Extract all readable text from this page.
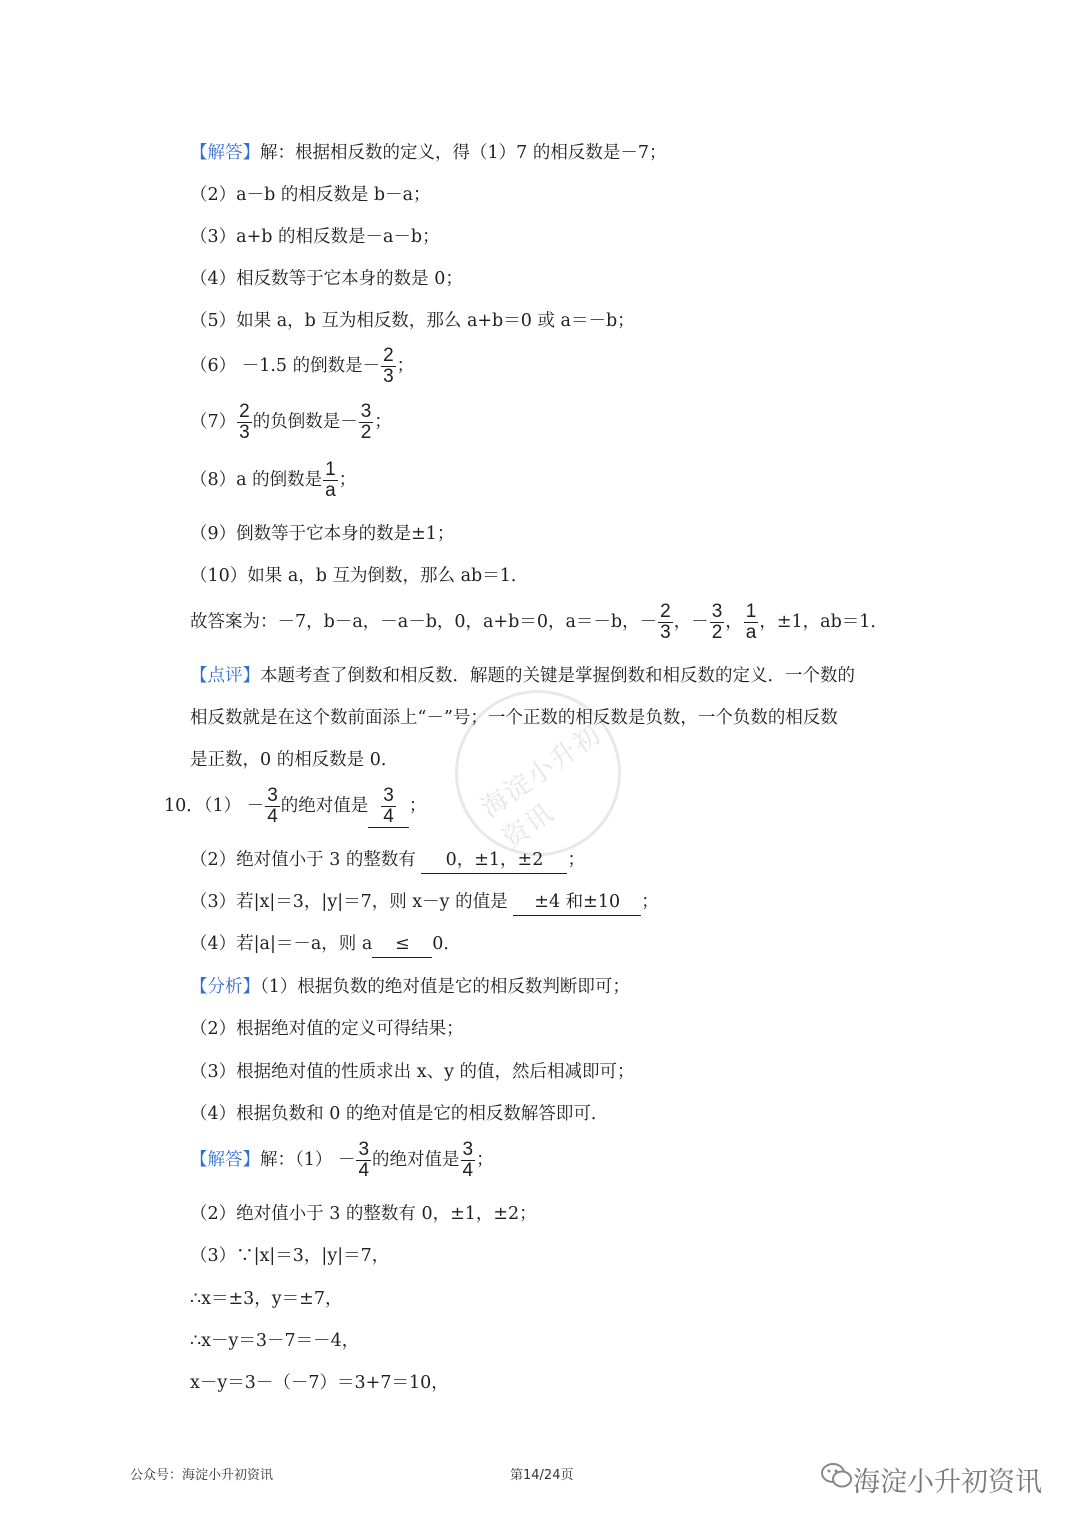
海淀小升初资讯
【解答】解：根据相反数的定义，得（1）7 的相反数是－7；
（2）a－b 的相反数是 b－a；
（3）a+b 的相反数是－a－b；
（4）相反数等于它本身的数是 0；
（5）如果 a，b 互为相反数，那么 a+b＝0 或 a＝－b；
（6） －1.5 的倒数是－ $\frac{2}{3}$ ；
$(7) \frac{2}{3}$ 的负倒数是－ $\frac{3}{2}$ ；
（8）a 的倒数是 $\frac{1}{a}$ ；
（9）倒数等于它本身的数是±1；
（10）如果 a，b 互为倒数，那么 ab＝1．
故答案为：－7，b－a，－a－b，0，a+b＝0，a＝－b，－ $\frac{2}{3}$ ，－ $\frac{3}{2}$ ， $\frac{1}{a}$ ，±1，ab＝1．
【点评】本题考查了倒数和相反数．解题的关键是掌握倒数和相反数的定义．一个数的
相反数就是在这个数前面添上“－”号；一个正数的相反数是负数，一个负数的相反数
是正数，0 的相反数是 0．
10．$(1) - \frac{3}{4}$ 的绝对值是 $\frac{3}{4}$ ；
（2）绝对值小于 3 的整数有 0，±1，±2 ；
（3）若|x|＝3，|y|＝7，则 x－y 的值是 ±4 和±10 ；
（4）若|a|＝－a，则 a ≤ 0．
【分析】（1）根据负数的绝对值是它的相反数判断即可；
（2）根据绝对值的定义可得结果；
（3）根据绝对值的性质求出 x、y 的值，然后相减即可；
（4）根据负数和 0 的绝对值是它的相反数解答即可．
【解答】解：$(1) - \frac{3}{4}$ 的绝对值是 $\frac{3}{4}$ ；
（2）绝对值小于 3 的整数有 0，±1，±2；
（3）∵|x|＝3，|y|＝7，
∴x＝±3，y＝±7，
∴x－y＝3－7＝－4，
x－y＝3－（－7）＝3+7＝10，
公众号：海淀小升初资讯	第14/24页	海淀小升初资讯
